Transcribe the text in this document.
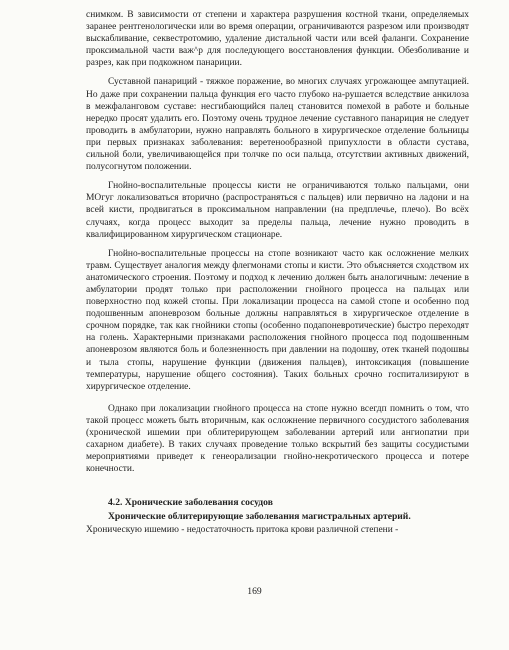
снимком. В зависимости от степени и характера разрушения костной ткани, определяемых заранее рентгенологически или во время операции, ограничиваются разрезом или производят выскабливание, секвестротомию, удаление дистальной части или всей фаланги. Сохранение проксимальной части важ^р для последующего восстановления функции. Обезболивание и разрез, как при подкожном панариции.

Суставной панариций - тяжкое поражение, во многих случаях угрожающее ампутацией. Но даже при сохранении пальца функция его часто глубоко на-рушается вследствие анкилоза в межфаланговом суставе: несгибающийся палец становится помехой в работе и больные нередко просят удалить его. Поэтому очень трудное лечение суставного панариция не следует проводить в амбулатории, нужно направлять больного в хирургическое отделение больницы при первых признаках заболевания: веретенообразной припухлости в области сустава, сильной боли, увеличивающейся при толчке по оси пальца, отсутствии активных движений, полусогнутом положении.

Гнойно-воспалительные процессы кисти не ограничиваются только пальцами, они МОгуг локализоваться вторично (распространяться с пальцев) или первично на ладони и на всей кисти, продвигаться в проксимальном направлении (на предплечье, плечо). Во всёх случаях, когда процесс выходит за пределы пальца, лечение нужно проводить в квалифицированном хирургическом стационаре.

Гнойно-воспалительные процессы на стопе возникают часто как осложнение мелких травм. Существует аналогия между флегмонами стопы и кисти. Это объясняется сходством их анатомического строения. Поэтому и подход к лечению должен быть аналогичным: лечение в амбулатории продят только при расположении гнойного процесса на пальцах или поверхностно под кожей стопы. При локализации процесса на самой стопе и особенно под подошвенным апоневрозом больные должны направляться в хирургическое отделение в срочном порядке, так как гнойники стопы (особенно подапоневротические) быстро переходят на голень. Характерными признаками расположения гнойного процесса под подошвенным апоневрозом являются боль и болезненность при давлении на подошву, отек тканей подошвы и тыла стопы, нарушение функции (движения пальцев), интоксикация (повышение температуры, нарушение общего состояния). Таких больных срочно госпитализируют в хирургическое отделение.

Однако при локализации гнойного процесса на стопе нужно всегдп помнить о том, что такой процесс можеть быть вторичным, как осложнение первичного сосудистого заболевания (хронической ишемии при облитерирующем заболевании артерий или ангиопатии при сахарном диабете). В таких случаях проведение только вскрытий без защиты сосудистыми мероприятиями приведет к генеорализации гнойно-некротического процесса и потере конечности.

4.2. Хронические заболевания сосудов

Хронические облитерирующие заболевания магистральных артерий.

Хроническую ишемию - недостаточность притока крови различной степени -

169
